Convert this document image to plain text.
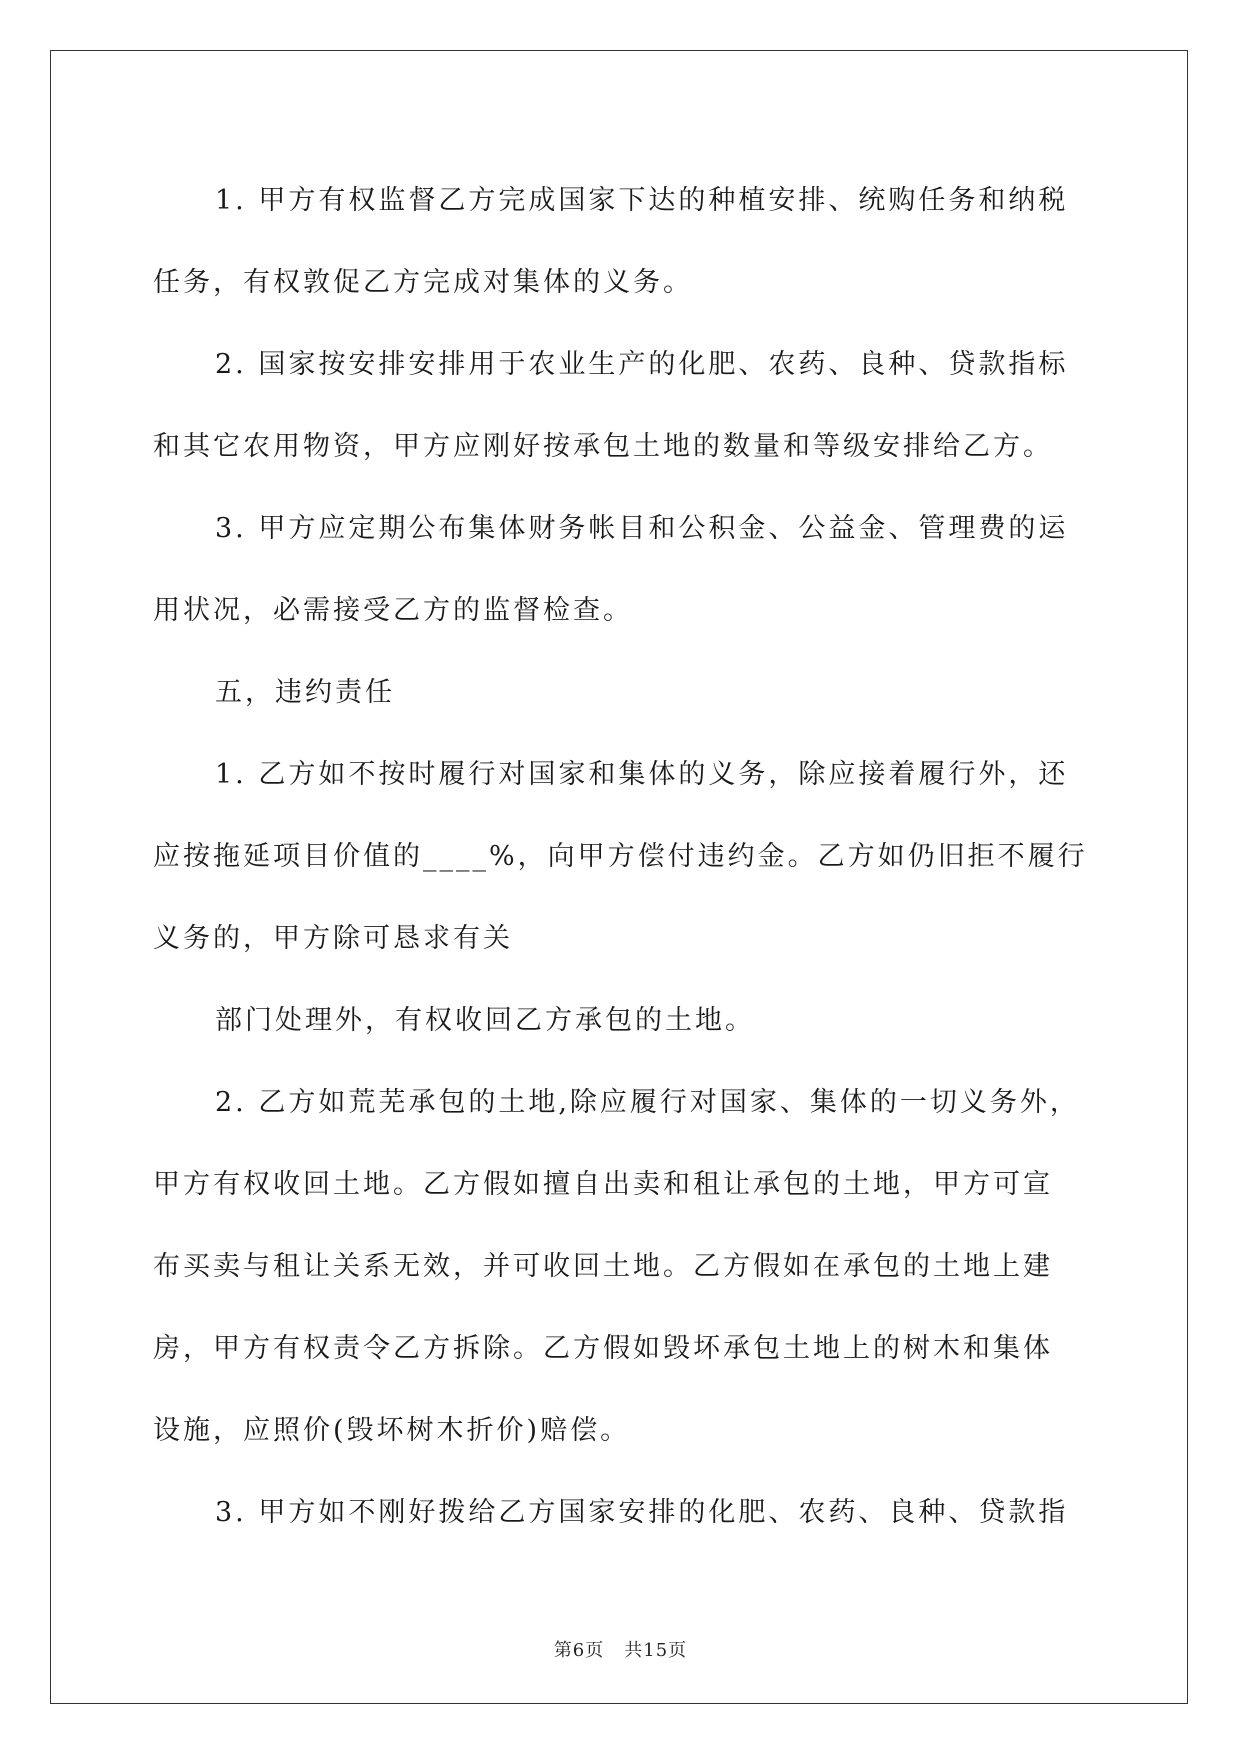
1. 甲方有权监督乙方完成国家下达的种植安排、统购任务和纳税
任务，有权敦促乙方完成对集体的义务。
2. 国家按安排安排用于农业生产的化肥、农药、良种、贷款指标
和其它农用物资，甲方应刚好按承包土地的数量和等级安排给乙方。
3. 甲方应定期公布集体财务帐目和公积金、公益金、管理费的运
用状况，必需接受乙方的监督检查。
五，违约责任
1. 乙方如不按时履行对国家和集体的义务，除应接着履行外，还
应按拖延项目价值的____%，向甲方偿付违约金。乙方如仍旧拒不履行
义务的，甲方除可恳求有关
部门处理外，有权收回乙方承包的土地。
2. 乙方如荒芜承包的土地,除应履行对国家、集体的一切义务外，
甲方有权收回土地。乙方假如擅自出卖和租让承包的土地，甲方可宣
布买卖与租让关系无效，并可收回土地。乙方假如在承包的土地上建
房，甲方有权责令乙方拆除。乙方假如毁坏承包土地上的树木和集体
设施，应照价(毁坏树木折价)赔偿。
3. 甲方如不刚好拨给乙方国家安排的化肥、农药、良种、贷款指
第6页 共15页
